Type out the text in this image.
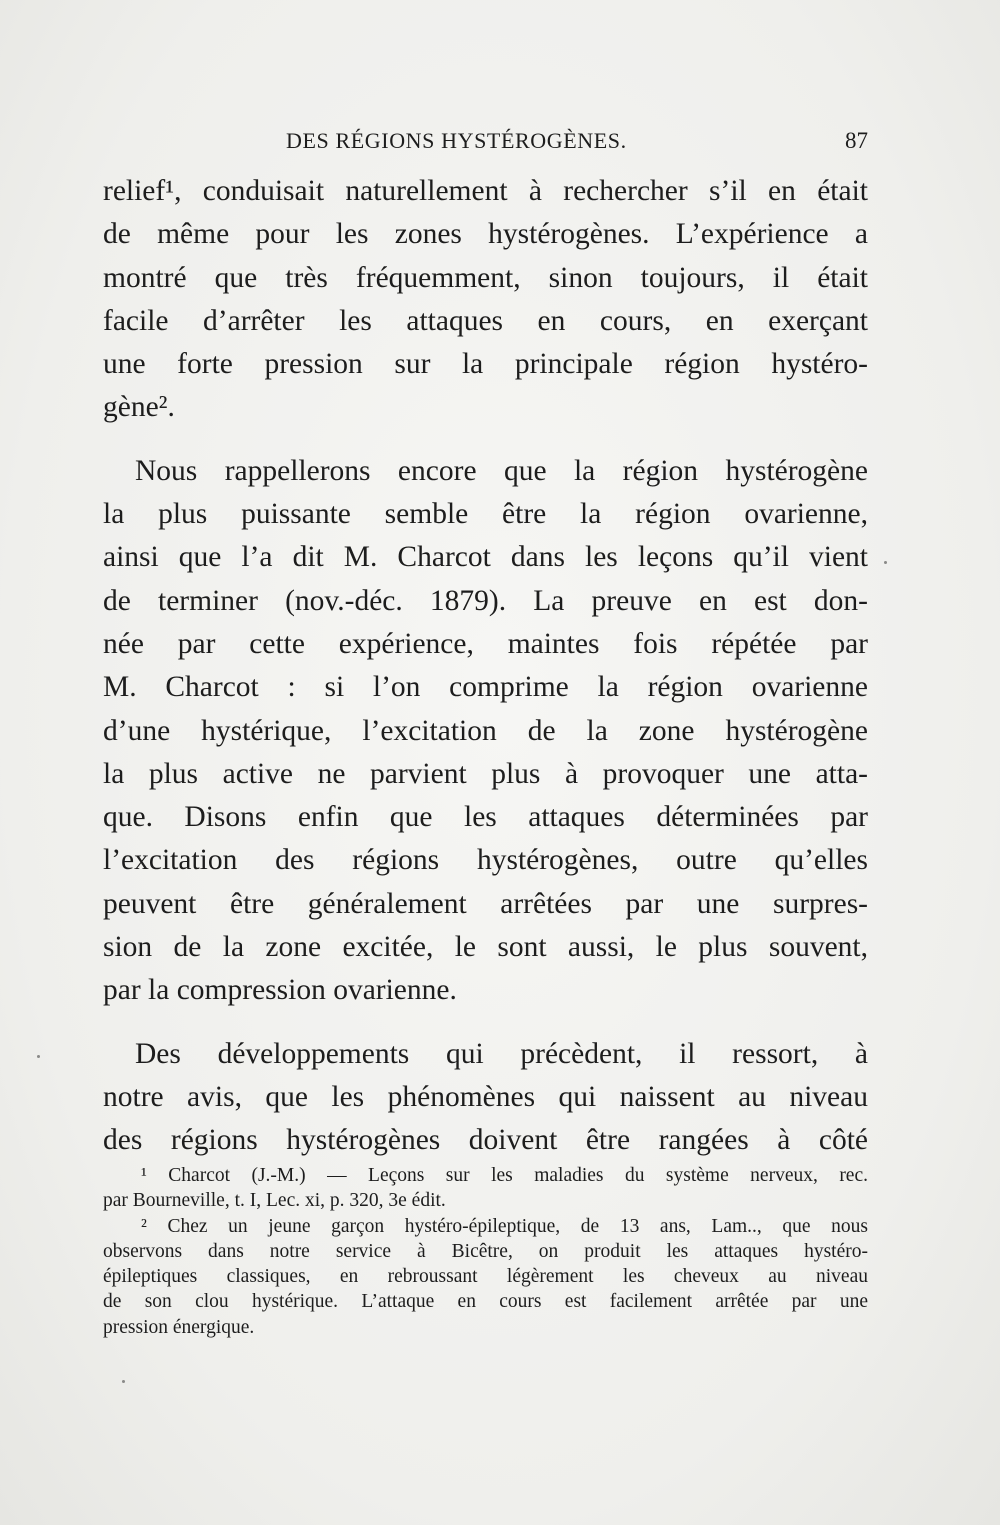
DES RÉGIONS HYSTÉROGÈNES.	87
relief¹, conduisait naturellement à rechercher s’il en était
de même pour les zones hystérogènes. L’expérience a
montré que très fréquemment, sinon toujours, il était
facile d’arrêter les attaques en cours, en exerçant
une forte pression sur la principale région hystéro-
gène².
Nous rappellerons encore que la région hystérogène
la plus puissante semble être la région ovarienne,
ainsi que l’a dit M. Charcot dans les leçons qu’il vient
de terminer (nov.-déc. 1879). La preuve en est don-
née par cette expérience, maintes fois répétée par
M. Charcot : si l’on comprime la région ovarienne
d’une hystérique, l’excitation de la zone hystérogène
la plus active ne parvient plus à provoquer une atta-
que. Disons enfin que les attaques déterminées par
l’excitation des régions hystérogènes, outre qu’elles
peuvent être généralement arrêtées par une surpres-
sion de la zone excitée, le sont aussi, le plus souvent,
par la compression ovarienne.
Des développements qui précèdent, il ressort, à
notre avis, que les phénomènes qui naissent au niveau
des régions hystérogènes doivent être rangées à côté
¹ Charcot (J.-M.) — Leçons sur les maladies du système nerveux, rec.
par Bourneville, t. I, Lec. xi, p. 320, 3e édit.
² Chez un jeune garçon hystéro-épileptique, de 13 ans, Lam.., que nous
observons dans notre service à Bicêtre, on produit les attaques hystéro-
épileptiques classiques, en rebroussant légèrement les cheveux au niveau
de son clou hystérique. L’attaque en cours est facilement arrêtée par une
pression énergique.
